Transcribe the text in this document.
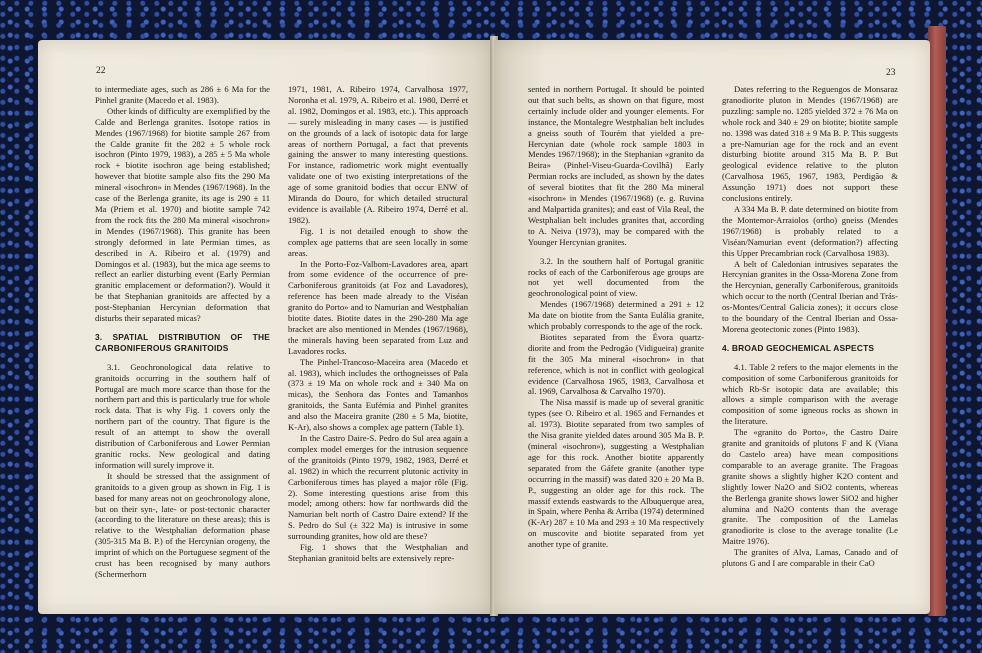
22

to intermediate ages, such as 286 ± 6 Ma for the Pinhel granite (Macedo et al. 1983).

Other kinds of difficulty are exemplified by the Calde and Berlenga granites. Isotope ratios in Mendes (1967/1968) for biotite sample 267 from the Calde granite fit the 282 ± 5 whole rock isochron (Pinto 1979, 1983), a 285 ± 5 Ma whole rock + biotite isochron age being established; however that biotite sample also fits the 290 Ma mineral «isochron» in Mendes (1967/1968). In the case of the Berlenga granite, its age is 290 ± 11 Ma (Priem et al. 1970) and biotite sample 742 from the rock fits the 280 Ma mineral «isochron» in Mendes (1967/1968). This granite has been strongly deformed in late Permian times, as described in A. Ribeiro et al. (1979) and Domingos et al. (1983), but the mica age seems to reflect an earlier disturbing event (Early Permian granitic emplacement or deformation?). Would it be that Stephanian granitoids are affected by a post-Stephanian Hercynian deformation that disturbs their separated micas?

3. SPATIAL DISTRIBUTION OF THE CARBONIFEROUS GRANITOIDS

3.1. Geochronological data relative to granitoids occurring in the southern half of Portugal are much more scarce than those for the northern part and this is particularly true for whole rock data. That is why Fig. 1 covers only the northern part of the country. That figure is the result of an attempt to show the overall distribution of Carboniferous and Lower Permian granitic rocks. New geological and dating information will surely improve it.

It should be stressed that the assignment of granitoids to a given group as shown in Fig. 1 is based for many areas not on geochronology alone, but on their syn-, late- or post-tectonic character (according to the literature on these areas); this is relative to the Westphalian deformation phase (305-315 Ma B. P.) of the Hercynian orogeny, the imprint of which on the Portuguese segment of the crust has been recognised by many authors (Schermerhorn

1971, 1981, A. Ribeiro 1974, Carvalhosa 1977, Noronha et al. 1979, A. Ribeiro et al. 1980, Derré et al. 1982, Domingos et al. 1983, etc.). This approach — surely misleading in many cases — is justified on the grounds of a lack of isotopic data for large areas of northern Portugal, a fact that prevents gaining the answer to many interesting questions. For instance, radiometric work might eventually validate one of two existing interpretations of the age of some granitoid bodies that occur ENW of Miranda do Douro, for which detailed structural evidence is available (A. Ribeiro 1974, Derré et al. 1982).

Fig. 1 is not detailed enough to show the complex age patterns that are seen locally in some areas.

In the Porto-Foz-Valbom-Lavadores area, apart from some evidence of the occurrence of pre-Carboniferous granitoids (at Foz and Lavadores), reference has been made already to the Viséan granito do Porto» and to Namurian and Westphalian biotite dates. Biotite dates in the 290-280 Ma age bracket are also mentioned in Mendes (1967/1968), the minerals having been separated from Luz and Lavadores rocks.

The Pinhel-Trancoso-Maceira area (Macedo et al. 1983), which includes the orthogneisses of Pala (373 ± 19 Ma on whole rock and ± 340 Ma on micas), the Senhora das Fontes and Tamanhos granitoids, the Santa Eufémia and Pinhel granites and also the Maceira granite (280 ± 5 Ma, biotite, K-Ar), also shows a complex age pattern (Table 1).

In the Castro Daire-S. Pedro do Sul area again a complex model emerges for the intrusion sequence of the granitoids (Pinto 1979, 1982, 1983, Derré et al. 1982) in which the recurrent plutonic activity in Carboniferous times has played a major rôle (Fig. 2). Some interesting questions arise from this model; among others: how far northwards did the Namurian belt north of Castro Daire extend? If the S. Pedro do Sul (± 322 Ma) is intrusive in some surrounding granites, how old are these?

Fig. 1 shows that the Westphalian and Stephanian granitoid belts are extensively repre-

23

sented in northern Portugal. It should be pointed out that such belts, as shown on that figure, most certainly include older and younger elements. For instance, the Montalegre Westphalian belt includes a gneiss south of Tourém that yielded a pre-Hercynian date (whole rock sample 1803 in Mendes 1967/1968); in the Stephanian «granito da Beira» (Pinhel-Viseu-Guarda-Covilhã) Early Permian rocks are included, as shown by the dates of several biotites that fit the 280 Ma mineral «isochron» in Mendes (1967/1968) (e. g. Ruvina and Malpartida granites); and east of Vila Real, the Westphalian belt includes granites that, according to A. Neiva (1973), may be compared with the Younger Hercynian granites.

3.2. In the southern half of Portugal granitic rocks of each of the Carboniferous age groups are not yet well documented from the geochronological point of view.

Mendes (1967/1968) determined a 291 ± 12 Ma date on biotite from the Santa Eulália granite, which probably corresponds to the age of the rock.

Biotites separated from the Évora quartz-diorite and from the Pedrogão (Vidigueira) granite fit the 305 Ma mineral «isochron» in that reference, which is not in conflict with geological evidence (Carvalhosa 1965, 1983, Carvalhosa et al. 1969, Carvalhosa & Carvalho 1970).

The Nisa massif is made up of several granitic types (see O. Ribeiro et al. 1965 and Fernandes et al. 1973). Biotite separated from two samples of the Nisa granite yielded dates around 305 Ma B. P. (mineral «isochron»), suggesting a Westphalian age for this rock. Another biotite apparently separated from the Gáfete granite (another type occurring in the massif) was dated 320 ± 20 Ma B. P., suggesting an older age for this rock. The massif extends eastwards to the Albuquerque area, in Spain, where Penha & Arriba (1974) determined (K-Ar) 287 ± 10 Ma and 293 ± 10 Ma respectively on muscovite and biotite separated from yet another type of granite.

Dates referring to the Reguengos de Monsaraz granodiorite pluton in Mendes (1967/1968) are puzzling: sample no. 1285 yielded 372 ± 76 Ma on whole rock and 340 ± 29 on biotite; biotite sample no. 1398 was dated 318 ± 9 Ma B. P. This suggests a pre-Namurian age for the rock and an event disturbing biotite around 315 Ma B. P. But geological evidence relative to the pluton (Carvalhosa 1965, 1967, 1983, Perdigão & Assunção 1971) does not support these conclusions entirely.

A 334 Ma B. P. date determined on biotite from the Montemor-Arraiolos (ortho) gneiss (Mendes 1967/1968) is probably related to a Viséan/Namurian event (deformation?) affecting this Upper Precambrian rock (Carvalhosa 1983).

A belt of Caledonian intrusives separates the Hercynian granites in the Ossa-Morena Zone from the Hercynian, generally Carboniferous, granitoids which occur to the north (Central Iberian and Trás-os-Montes/Central Galicia zones); it occurs close to the boundary of the Central Iberian and Ossa-Morena geotectonic zones (Pinto 1983).

4. BROAD GEOCHEMICAL ASPECTS

4.1. Table 2 refers to the major elements in the composition of some Carboniferous granitoids for which Rb-Sr isotopic data are available; this allows a simple comparison with the average composition of some igneous rocks as shown in the literature.

The «granito do Porto», the Castro Daire granite and granitoids of plutons F and K (Viana do Castelo area) have mean compositions comparable to an average granite. The Fragoas granite shows a slightly higher K2O content and slightly lower Na2O and SiO2 contents, whereas the Berlenga granite shows lower SiO2 and higher alumina and Na2O contents than the average granite. The composition of the Lamelas granodiorite is close to the average tonalite (Le Maitre 1976).

The granites of Alva, Lamas, Canado and of plutons G and I are comparable in their CaO
